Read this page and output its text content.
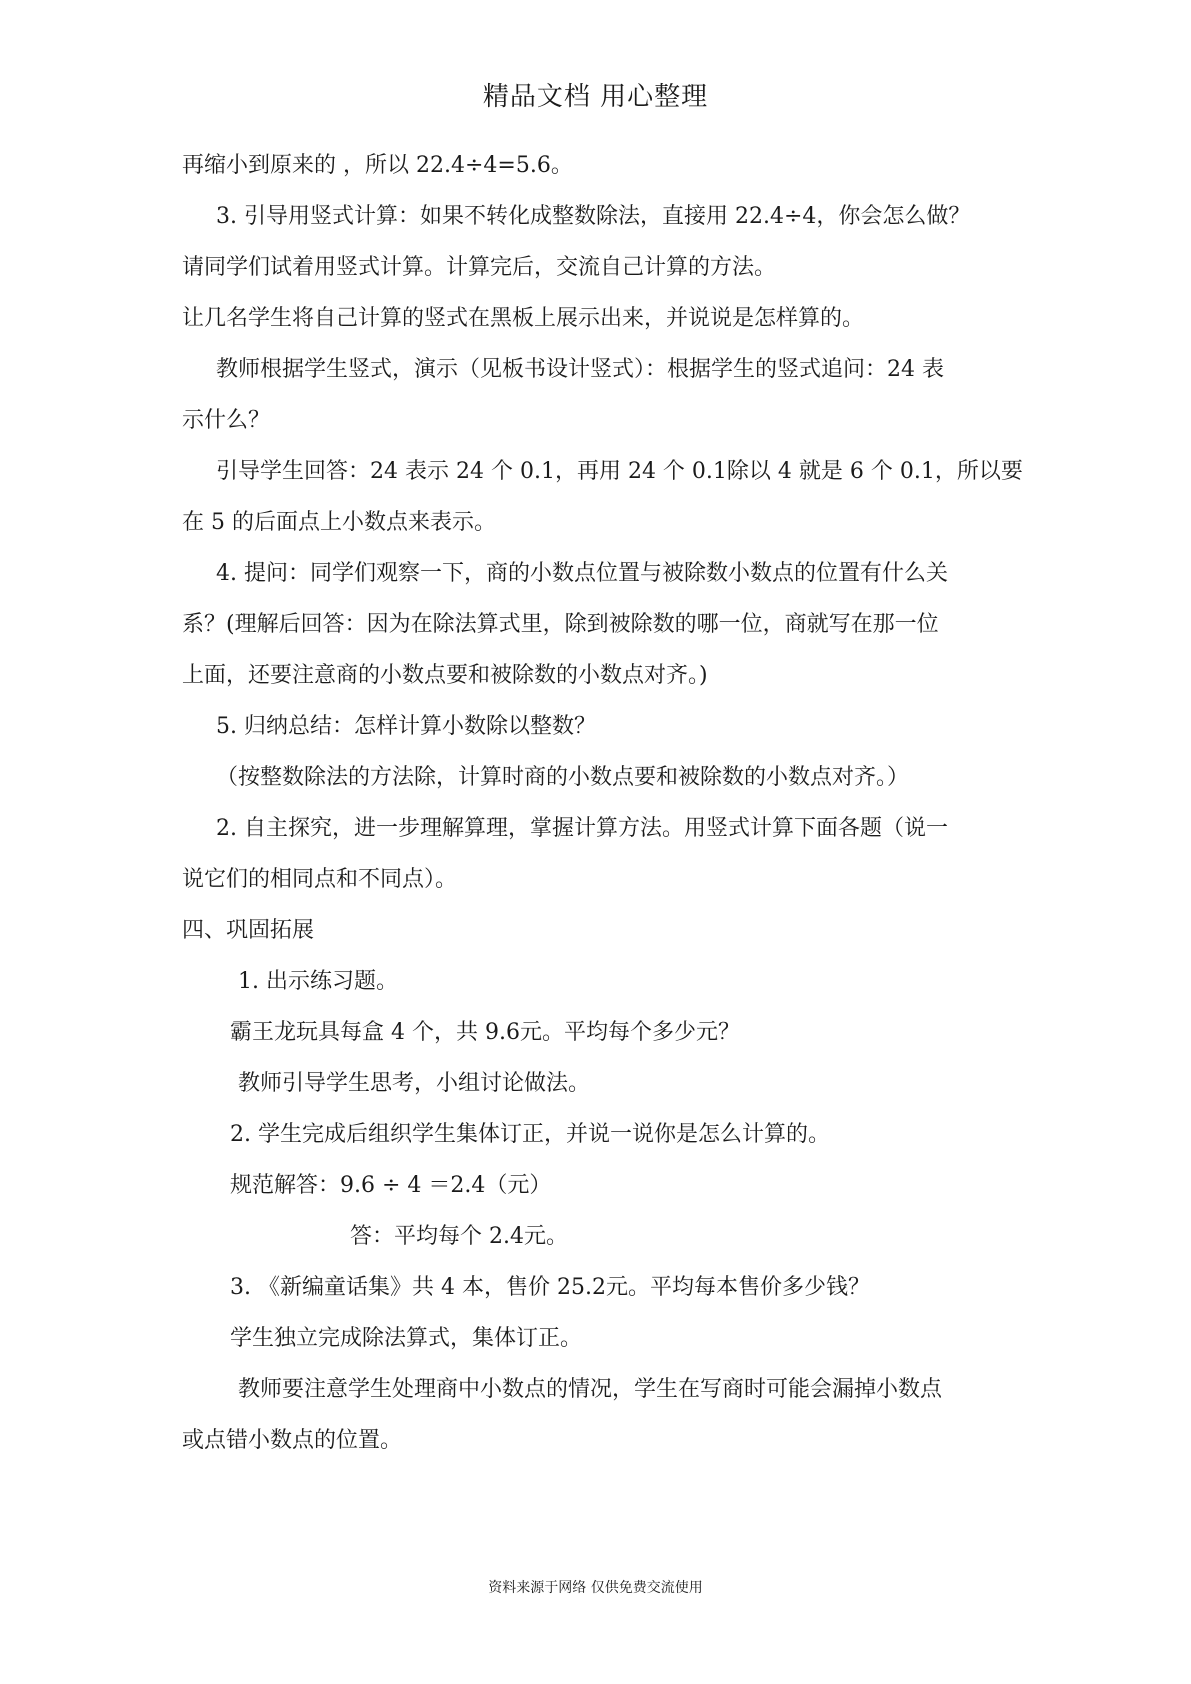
精品文档 用心整理

再缩小到原来的 ，所以 22.4÷4=5.6。

3. 引导用竖式计算：如果不转化成整数除法，直接用 22.4÷4，你会怎么做？

请同学们试着用竖式计算。计算完后，交流自己计算的方法。

让几名学生将自己计算的竖式在黑板上展示出来，并说说是怎样算的。

教师根据学生竖式，演示（见板书设计竖式）：根据学生的竖式追问：24 表

示什么？

引导学生回答：24 表示 24 个 0.1，再用 24 个 0.1除以 4 就是 6 个 0.1，所以要

在 5 的后面点上小数点来表示。

4. 提问：同学们观察一下，商的小数点位置与被除数小数点的位置有什么关

系？(理解后回答：因为在除法算式里，除到被除数的哪一位，商就写在那一位

上面，还要注意商的小数点要和被除数的小数点对齐。)

5. 归纳总结：怎样计算小数除以整数？

（按整数除法的方法除，计算时商的小数点要和被除数的小数点对齐。）

2. 自主探究，进一步理解算理，掌握计算方法。用竖式计算下面各题（说一

说它们的相同点和不同点）。

四、巩固拓展

1. 出示练习题。

霸王龙玩具每盒 4 个，共 9.6元。平均每个多少元？

教师引导学生思考，小组讨论做法。

2. 学生完成后组织学生集体订正，并说一说你是怎么计算的。

规范解答：9.6 ÷ 4 ＝2.4（元）

答：平均每个 2.4元。

3. 《新编童话集》共 4 本，售价 25.2元。平均每本售价多少钱？

学生独立完成除法算式，集体订正。

教师要注意学生处理商中小数点的情况，学生在写商时可能会漏掉小数点

或点错小数点的位置。

资料来源于网络 仅供免费交流使用
